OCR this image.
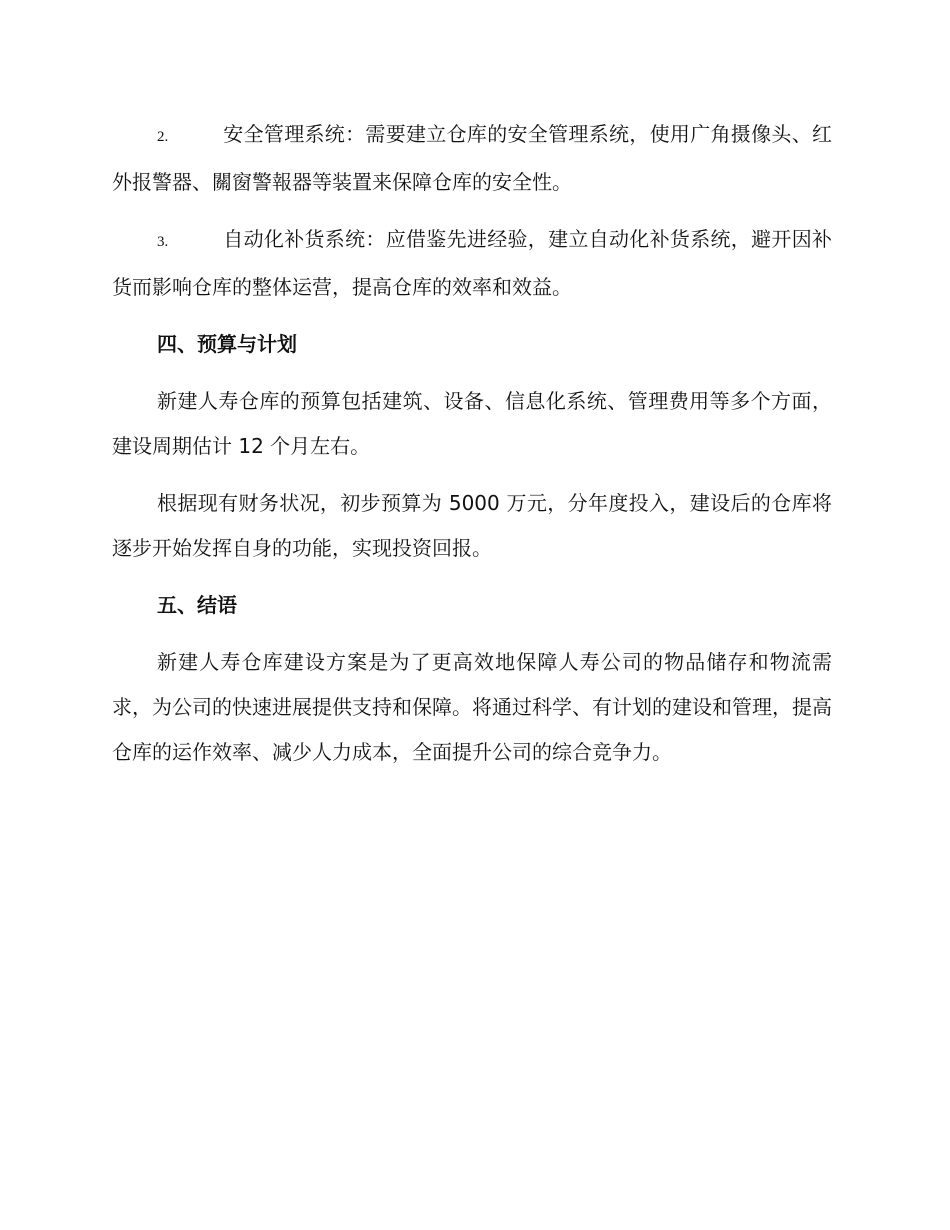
2.	安全管理系统：需要建立仓库的安全管理系统，使用广角摄像头、红外报警器、關窗警報器等装置来保障仓库的安全性。

3.	自动化补货系统：应借鉴先进经验，建立自动化补货系统，避开因补货而影响仓库的整体运营，提高仓库的效率和效益。

四、预算与计划

新建人寿仓库的预算包括建筑、设备、信息化系统、管理费用等多个方面，建设周期估计 12 个月左右。

根据现有财务状况，初步预算为 5000 万元，分年度投入，建设后的仓库将逐步开始发挥自身的功能，实现投资回报。

五、结语

新建人寿仓库建设方案是为了更高效地保障人寿公司的物品储存和物流需求，为公司的快速进展提供支持和保障。将通过科学、有计划的建设和管理，提高仓库的运作效率、减少人力成本，全面提升公司的综合竞争力。
